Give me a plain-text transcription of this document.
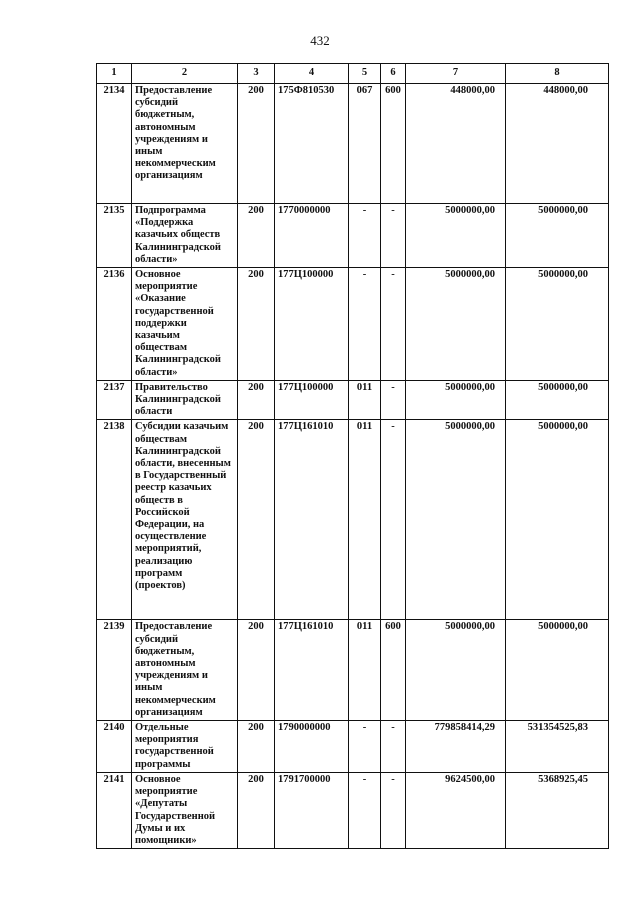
432
1	2	3	4	5	6	7	8
2134	Предоставление субсидий бюджетным, автономным учреждениям и иным некоммерческим организациям	200	175Ф810530	067	600	448000,00	448000,00
2135	Подпрограмма «Поддержка казачьих обществ Калининградской области»	200	1770000000	-	-	5000000,00	5000000,00
2136	Основное мероприятие «Оказание государственной поддержки казачьим обществам Калининградской области»	200	177Ц100000	-	-	5000000,00	5000000,00
2137	Правительство Калининградской области	200	177Ц100000	011	-	5000000,00	5000000,00
2138	Субсидии казачьим обществам Калининградской области, внесенным в Государственный реестр казачьих обществ в Российской Федерации, на осуществление мероприятий, реализацию программ (проектов)	200	177Ц161010	011	-	5000000,00	5000000,00
2139	Предоставление субсидий бюджетным, автономным учреждениям и иным некоммерческим организациям	200	177Ц161010	011	600	5000000,00	5000000,00
2140	Отдельные мероприятия государственной программы	200	1790000000	-	-	779858414,29	531354525,83
2141	Основное мероприятие «Депутаты Государственной Думы и их помощники»	200	1791700000	-	-	9624500,00	5368925,45
